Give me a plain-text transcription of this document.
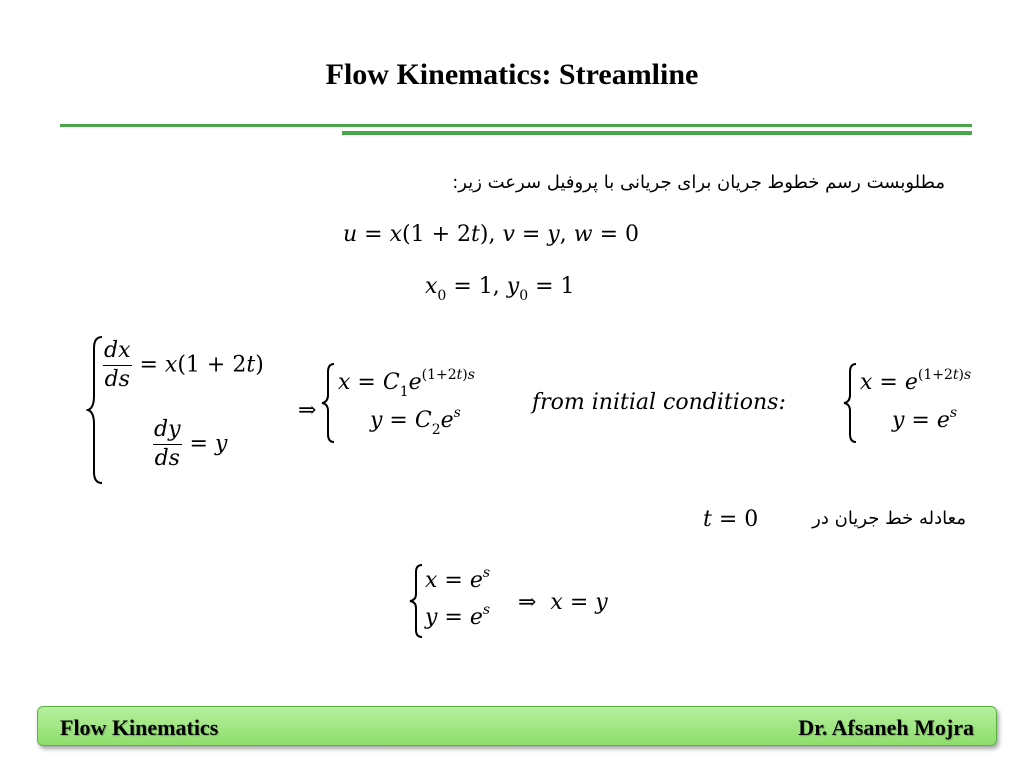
Flow Kinematics: Streamline
مطلوبست رسم خطوط جریان برای جریانی با پروفیل سرعت زیر:
u = x(1 + 2t), v = y, w = 0
$x_0 = 1$, $y_0 = 1$
$\frac{dx}{ds} = x(1 + 2t)$
$\frac{dy}{ds} = y$
⇒
$x = C_1e^{(1+2t)s}$
$y = C_2e^s$	from initial conditions:
$x = e^{(1+2t)s}$
$y = e^s$
معادله خط جریان در
t = 0
$x = e^s$
$y = e^s$ ⇒  x = y
Flow Kinematics	Dr. Afsaneh Mojra
